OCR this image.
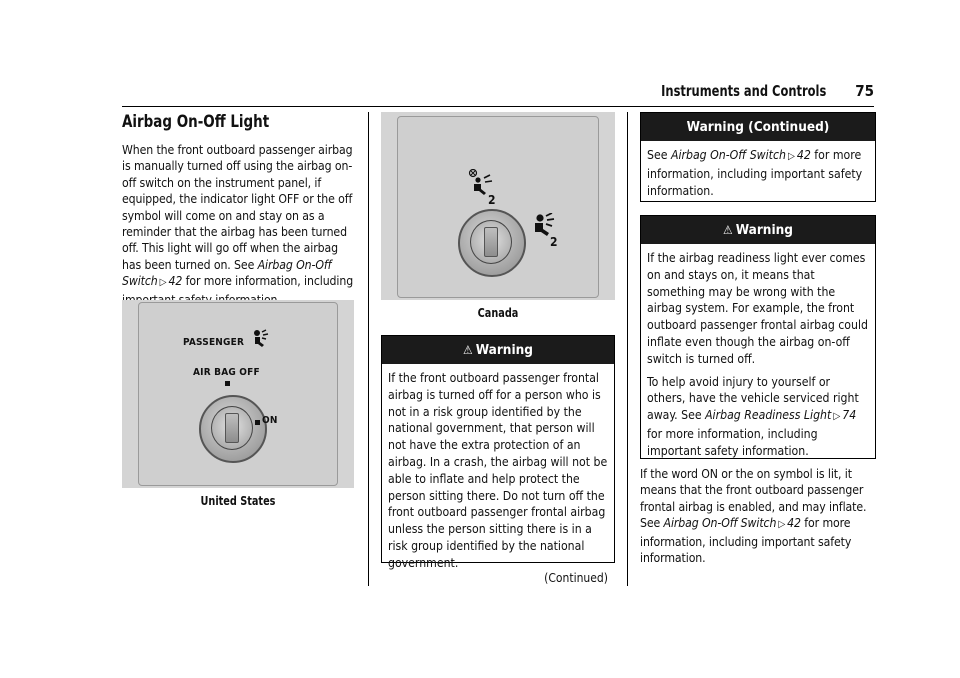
Instruments and Controls 75
Airbag On-Off Light

When the front outboard passenger airbag is manually turned off using the airbag on-off switch on the instrument panel, if equipped, the indicator light OFF or the off symbol will come on and stay on as a reminder that the airbag has been turned off. This light will go off when the airbag has been turned on. See Airbag On-Off Switch ▷ 42 for more information, including

PASSENGER
AIR BAG OFF
ON
United States
2
2
Canada
⚠ Warning

If the front outboard passenger frontal airbag is turned off for a person who is not in a risk group identified by the national government, that person will not have the extra protection of an airbag. In a crash, the airbag will not be able to inflate and help protect the person sitting there. Do not turn off the front outboard passenger frontal airbag unless the person sitting there is in a risk group identified by the national government.

(Continued)
Warning (Continued)

See Airbag On-Off Switch ▷ 42 for more information, including important safety information.

⚠ Warning

If the airbag readiness light ever comes on and stays on, it means that something may be wrong with the airbag system. For example, the front outboard passenger frontal airbag could inflate even though the airbag on-off switch is turned off.

To help avoid injury to yourself or others, have the vehicle serviced right away. See Airbag Readiness Light ▷ 74 for more information, including important safety information.

If the word ON or the on symbol is lit, it means that the front outboard passenger frontal airbag is enabled, and may inflate. See Airbag On-Off Switch ▷ 42 for more information, including important safety information.
